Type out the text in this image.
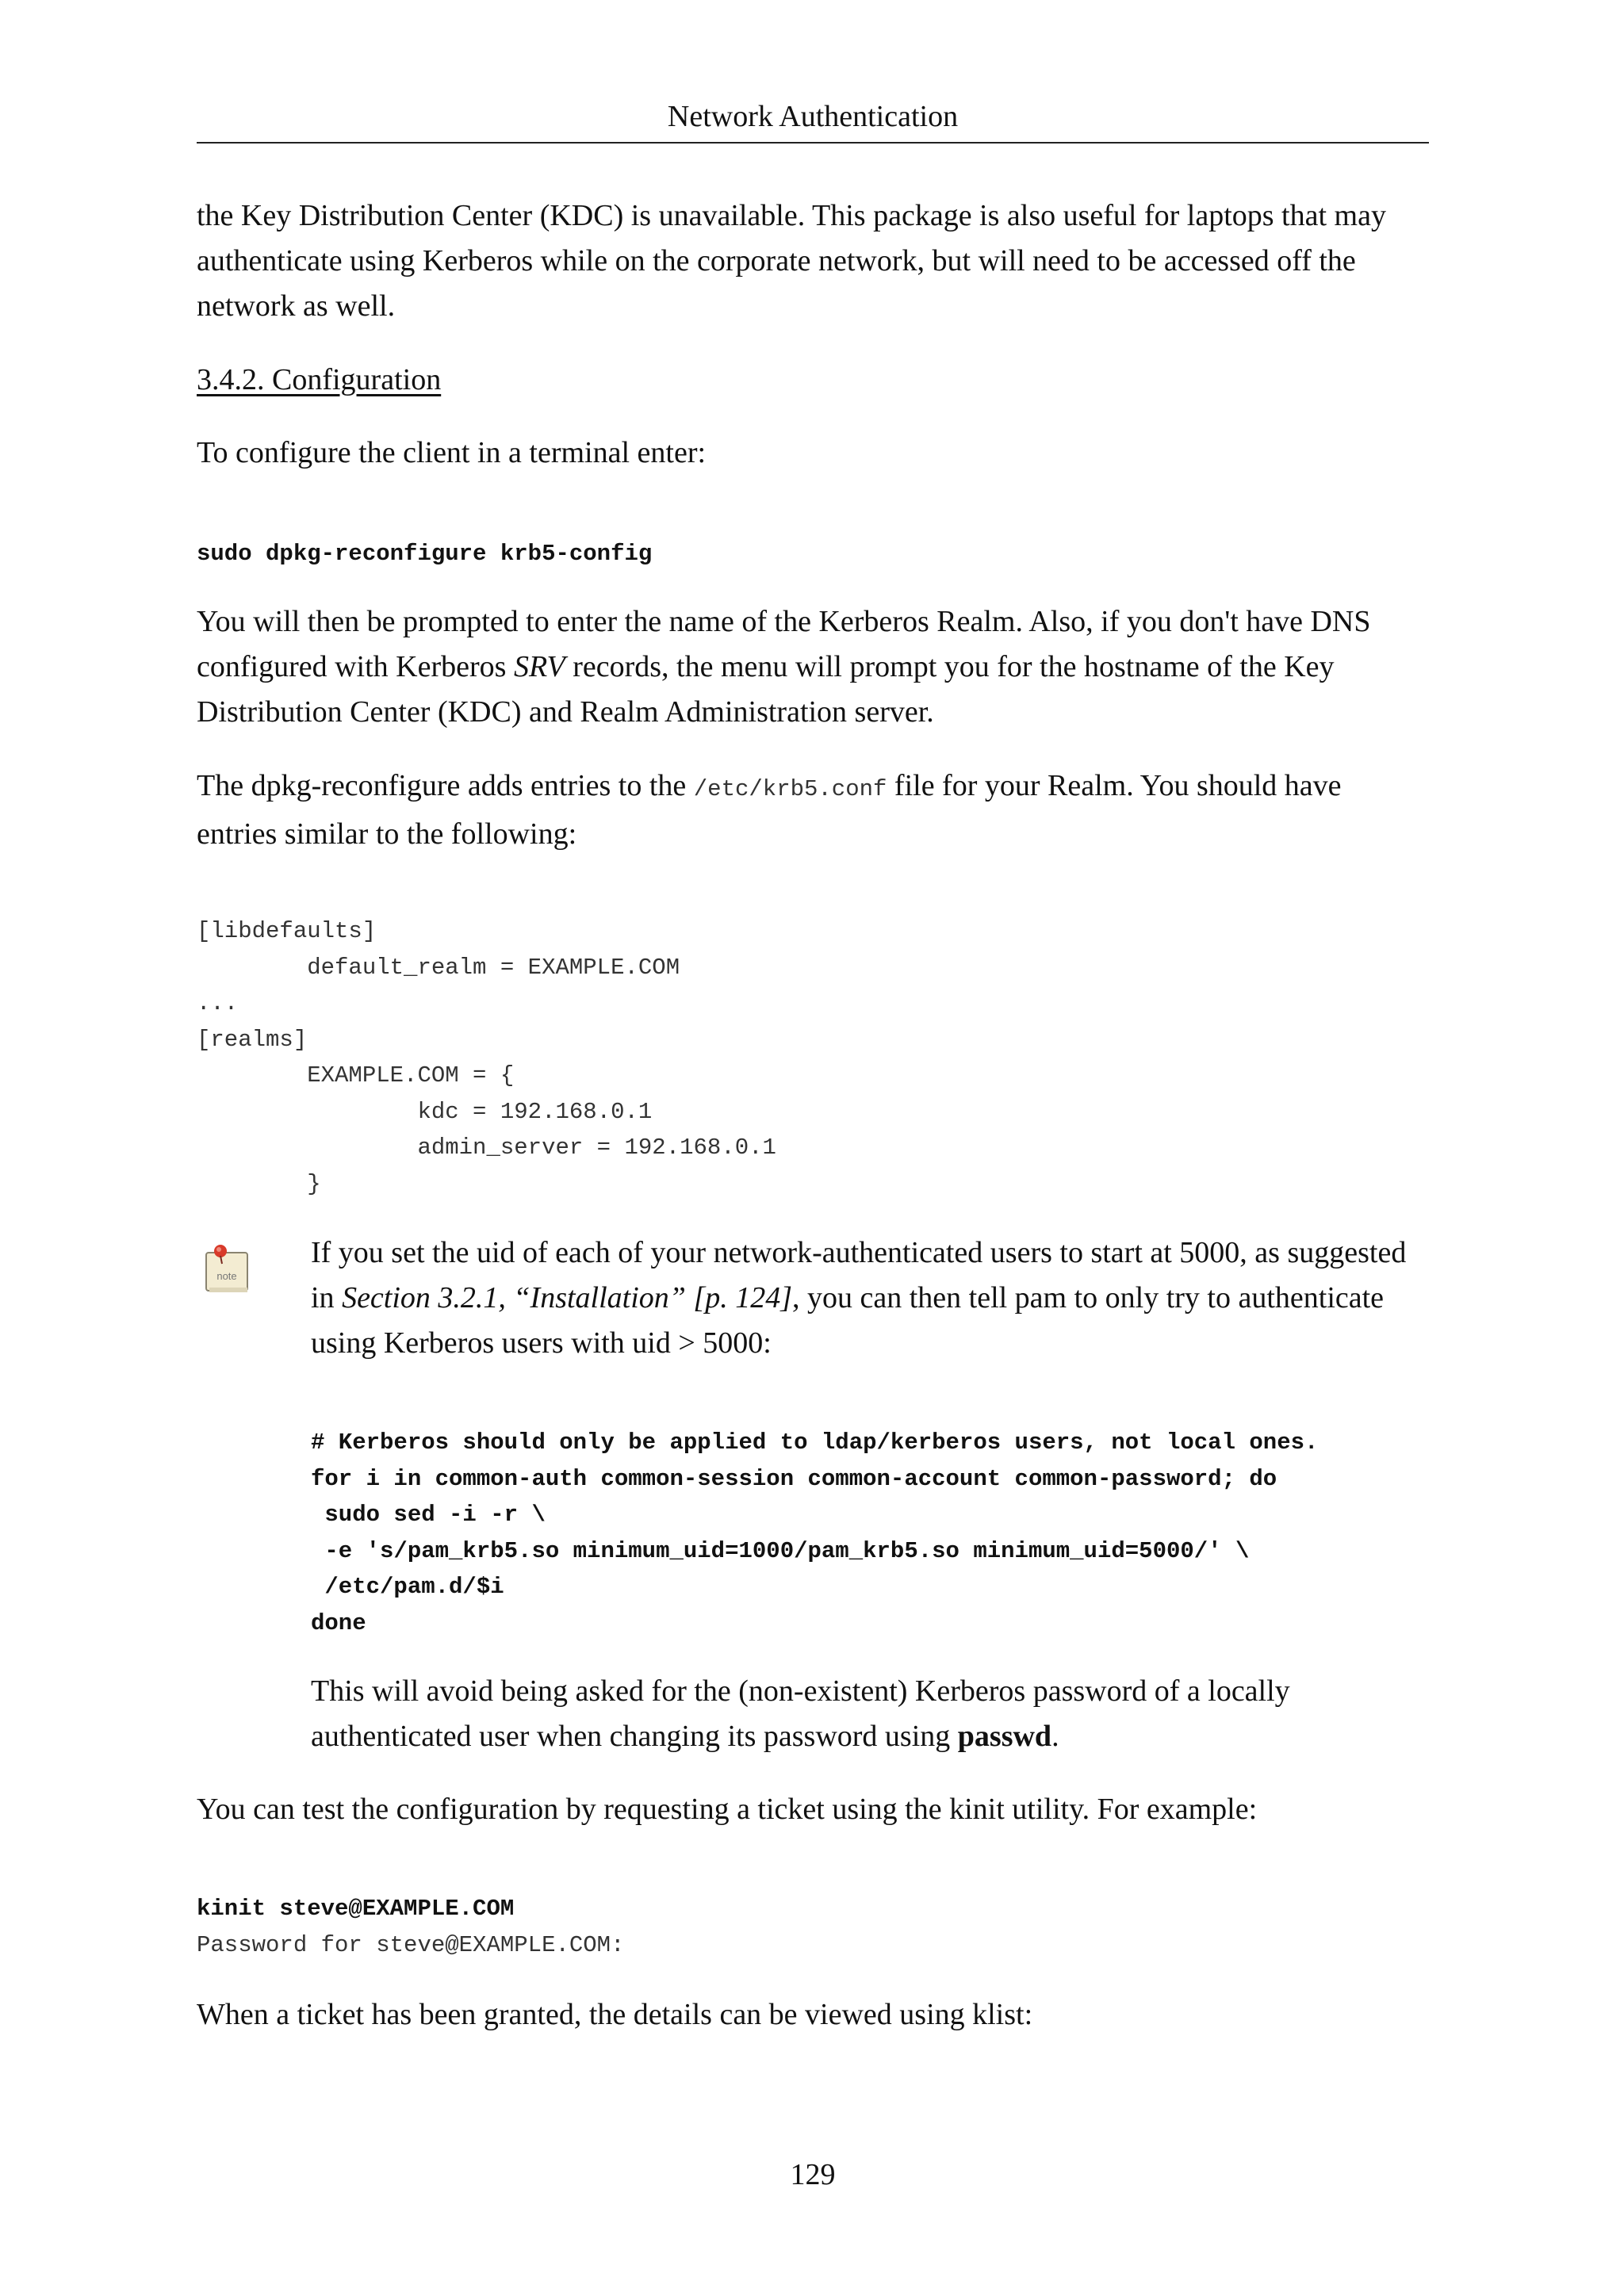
Network Authentication

the Key Distribution Center (KDC) is unavailable. This package is also useful for laptops that may authenticate using Kerberos while on the corporate network, but will need to be accessed off the network as well.

3.4.2. Configuration

To configure the client in a terminal enter:

sudo dpkg-reconfigure krb5-config

You will then be prompted to enter the name of the Kerberos Realm. Also, if you don't have DNS configured with Kerberos SRV records, the menu will prompt you for the hostname of the Key Distribution Center (KDC) and Realm Administration server.

The dpkg-reconfigure adds entries to the /etc/krb5.conf file for your Realm. You should have entries similar to the following:

[libdefaults]
default_realm = EXAMPLE.COM
...
[realms]
EXAMPLE.COM = {
kdc = 192.168.0.1
admin_server = 192.168.0.1
}
note

If you set the uid of each of your network-authenticated users to start at 5000, as suggested in Section 3.2.1, “Installation” [p. 124], you can then tell pam to only try to authenticate using Kerberos users with uid > 5000:

# Kerberos should only be applied to ldap/kerberos users, not local ones.
for i in common-auth common-session common-account common-password; do
sudo sed -i -r \
-e 's/pam_krb5.so minimum_uid=1000/pam_krb5.so minimum_uid=5000/' \
/etc/pam.d/$i
done

This will avoid being asked for the (non-existent) Kerberos password of a locally authenticated user when changing its password using passwd.

You can test the configuration by requesting a ticket using the kinit utility. For example:

kinit steve@EXAMPLE.COM
Password for steve@EXAMPLE.COM:

When a ticket has been granted, the details can be viewed using klist:

129
